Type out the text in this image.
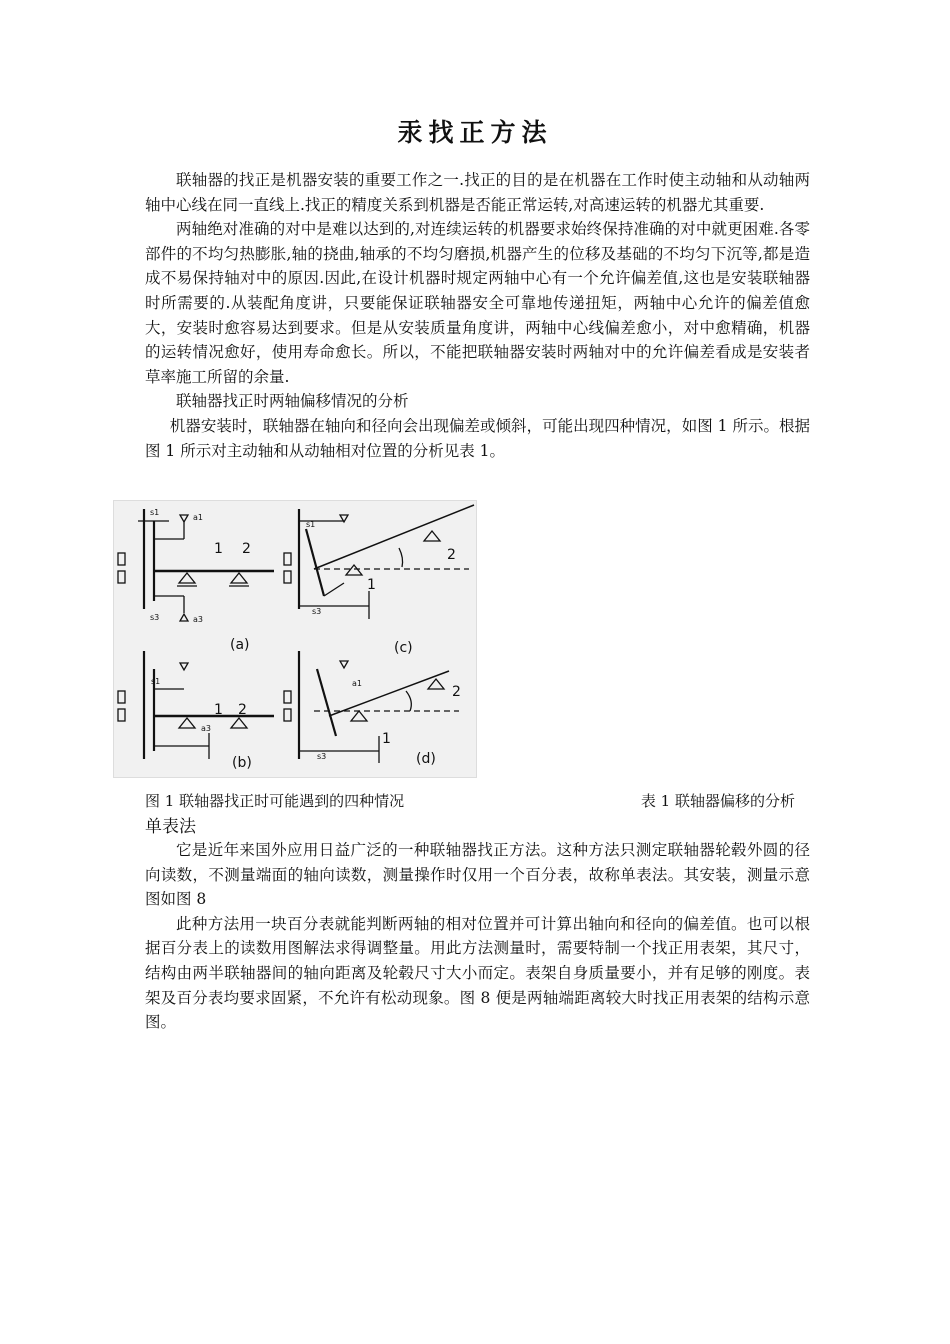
汞找正方法

联轴器的找正是机器安装的重要工作之一.找正的目的是在机器在工作时使主动轴和从动轴两轴中心线在同一直线上.找正的精度关系到机器是否能正常运转,对高速运转的机器尤其重要.

两轴绝对准确的对中是难以达到的,对连续运转的机器要求始终保持准确的对中就更困难.各零部件的不均匀热膨胀,轴的挠曲,轴承的不均匀磨损,机器产生的位移及基础的不均匀下沉等,都是造成不易保持轴对中的原因.因此,在设计机器时规定两轴中心有一个允许偏差值,这也是安装联轴器时所需要的.从装配角度讲，只要能保证联轴器安全可靠地传递扭矩，两轴中心允许的偏差值愈大，安装时愈容易达到要求。但是从安装质量角度讲，两轴中心线偏差愈小，对中愈精确，机器的运转情况愈好，使用寿命愈长。所以，不能把联轴器安装时两轴对中的允许偏差看成是安装者草率施工所留的余量.

联轴器找正时两轴偏移情况的分析

机器安装时，联轴器在轴向和径向会出现偏差或倾斜，可能出现四种情况，如图 1 所示。根据图 1 所示对主动轴和从动轴相对位置的分析见表 1。

1 2
s1
a1
s3	a3
(a)
2
1
s1
s3
(c)
s1
1 2
a3
(b)
a1
2
1
s3	(d)
图 1 联轴器找正时可能遇到的四种情况	表 1 联轴器偏移的分析
单表法

它是近年来国外应用日益广泛的一种联轴器找正方法。这种方法只测定联轴器轮毂外圆的径向读数，不测量端面的轴向读数，测量操作时仅用一个百分表，故称单表法。其安装，测量示意图如图 8

此种方法用一块百分表就能判断两轴的相对位置并可计算出轴向和径向的偏差值。也可以根据百分表上的读数用图解法求得调整量。用此方法测量时，需要特制一个找正用表架，其尺寸，结构由两半联轴器间的轴向距离及轮毂尺寸大小而定。表架自身质量要小，并有足够的刚度。表架及百分表均要求固紧，不允许有松动现象。图 8 便是两轴端距离较大时找正用表架的结构示意图。
